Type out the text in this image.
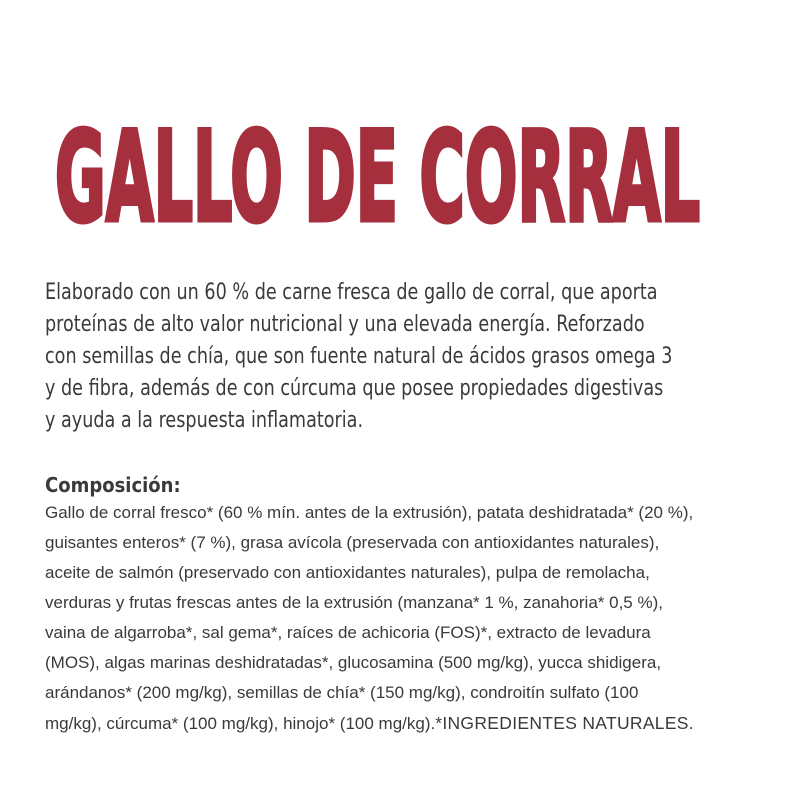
GALLO DE CORRAL
Elaborado con un 60 % de carne fresca de gallo de corral, que aporta
proteínas de alto valor nutricional y una elevada energía. Reforzado
con semillas de chía, que son fuente natural de ácidos grasos omega 3
y de fibra, además de con cúrcuma que posee propiedades digestivas
y ayuda a la respuesta inflamatoria.
Composición:
Gallo de corral fresco* (60 % mín. antes de la extrusión), patata deshidratada* (20 %),
guisantes enteros* (7 %), grasa avícola (preservada con antioxidantes naturales),
aceite de salmón (preservado con antioxidantes naturales), pulpa de remolacha,
verduras y frutas frescas antes de la extrusión (manzana* 1 %, zanahoria* 0,5 %),
vaina de algarroba*, sal gema*, raíces de achicoria (FOS)*, extracto de levadura
(MOS), algas marinas deshidratadas*, glucosamina (500 mg/kg), yucca shidigera,
arándanos* (200 mg/kg), semillas de chía* (150 mg/kg), condroitín sulfato (100
mg/kg), cúrcuma* (100 mg/kg), hinojo* (100 mg/kg).*INGREDIENTES NATURALES.
